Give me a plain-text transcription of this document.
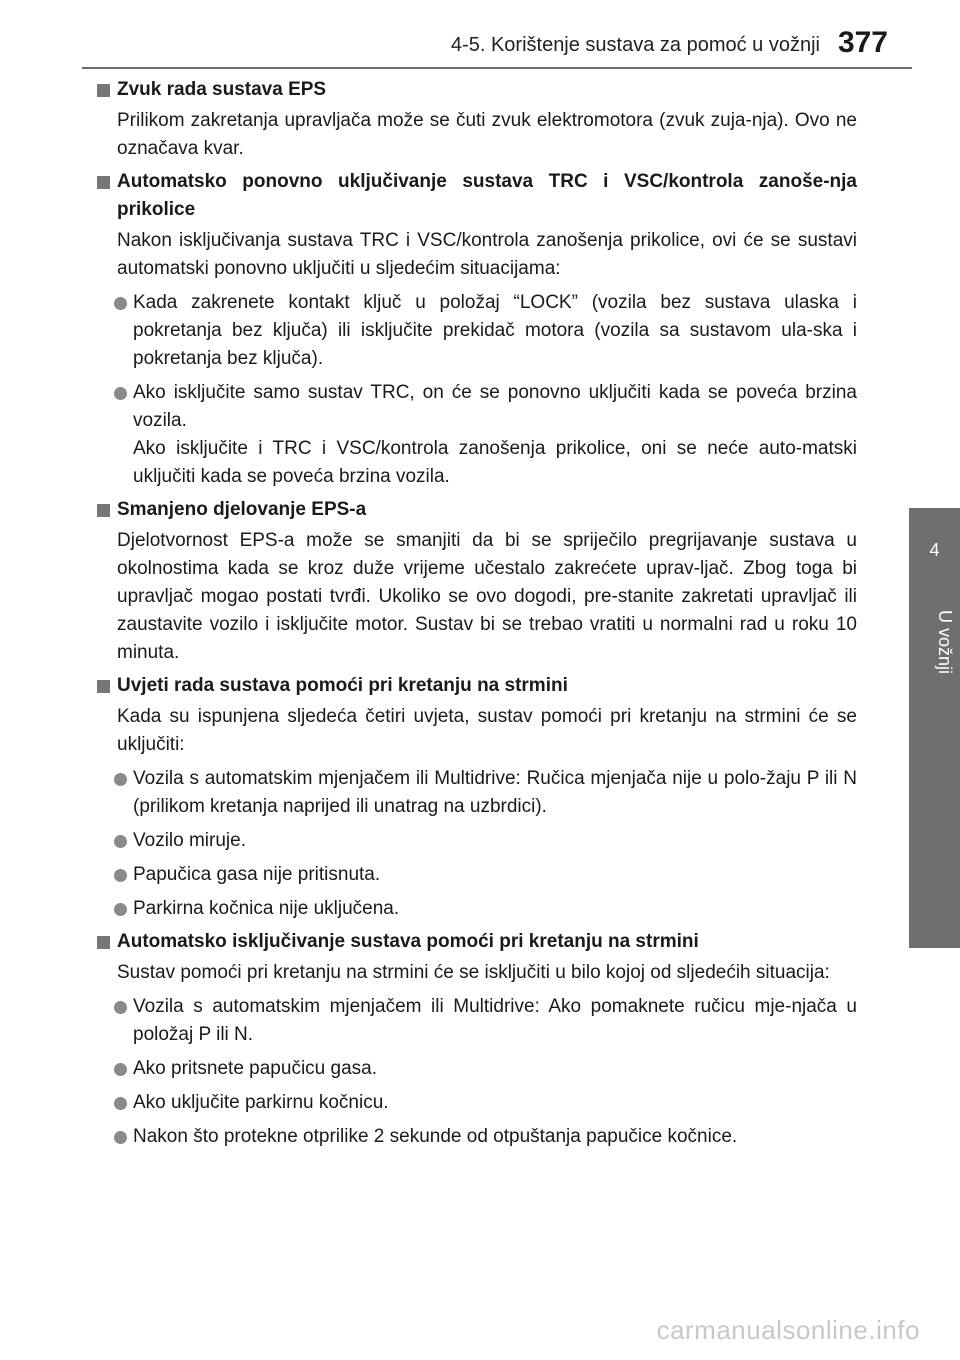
4-5. Korištenje sustava za pomoć u vožnji 377
4
U vožnji
Zvuk rada sustava EPS
Prilikom zakretanja upravljača može se čuti zvuk elektromotora (zvuk zuja-nja). Ovo ne označava kvar.
Automatsko ponovno uključivanje sustava TRC i VSC/kontrola zanoše-nja prikolice
Nakon isključivanja sustava TRC i VSC/kontrola zanošenja prikolice, ovi će se sustavi automatski ponovno uključiti u sljedećim situacijama:
Kada zakrenete kontakt ključ u položaj “LOCK” (vozila bez sustava ulaska i pokretanja bez ključa) ili isključite prekidač motora (vozila sa sustavom ula-ska i pokretanja bez ključa).
Ako isključite samo sustav TRC, on će se ponovno uključiti kada se poveća brzina vozila.
Ako isključite i TRC i VSC/kontrola zanošenja prikolice, oni se neće auto-matski uključiti kada se poveća brzina vozila.
Smanjeno djelovanje EPS-a
Djelotvornost EPS-a može se smanjiti da bi se spriječilo pregrijavanje sustava u okolnostima kada se kroz duže vrijeme učestalo zakrećete uprav-ljač. Zbog toga bi upravljač mogao postati tvrđi. Ukoliko se ovo dogodi, pre-stanite zakretati upravljač ili zaustavite vozilo i isključite motor. Sustav bi se trebao vratiti u normalni rad u roku 10 minuta.
Uvjeti rada sustava pomoći pri kretanju na strmini
Kada su ispunjena sljedeća četiri uvjeta, sustav pomoći pri kretanju na strmini će se uključiti:
Vozila s automatskim mjenjačem ili Multidrive: Ručica mjenjača nije u polo-žaju P ili N (prilikom kretanja naprijed ili unatrag na uzbrdici).
Vozilo miruje.
Papučica gasa nije pritisnuta.
Parkirna kočnica nije uključena.
Automatsko isključivanje sustava pomoći pri kretanju na strmini
Sustav pomoći pri kretanju na strmini će se isključiti u bilo kojoj od sljedećih situacija:
Vozila s automatskim mjenjačem ili Multidrive: Ako pomaknete ručicu mje-njača u položaj P ili N.
Ako pritsnete papučicu gasa.
Ako uključite parkirnu kočnicu.
Nakon što protekne otprilike 2 sekunde od otpuštanja papučice kočnice.
carmanualsonline.info
